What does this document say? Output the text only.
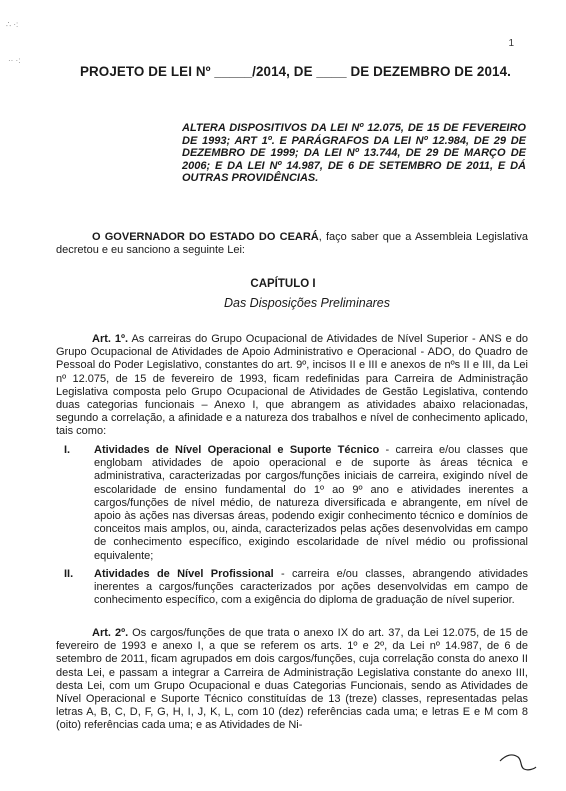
∴ ·:
·· ·:
1
PROJETO DE LEI Nº _____/2014, DE ____ DE DEZEMBRO DE 2014.
ALTERA DISPOSITIVOS DA LEI Nº 12.075, DE 15 DE FEVEREIRO DE 1993; ART 1º. E PARÁGRAFOS DA LEI Nº 12.984, DE 29 DE DEZEMBRO DE 1999; DA LEI Nº 13.744, DE 29 DE MARÇO DE 2006; E DA LEI Nº 14.987, DE 6 DE SETEMBRO DE 2011, E DÁ OUTRAS PROVIDÊNCIAS.
O GOVERNADOR DO ESTADO DO CEARÁ, faço saber que a Assembleia Legislativa decretou e eu sanciono a seguinte Lei:
CAPÍTULO I
Das Disposições Preliminares
Art. 1º. As carreiras do Grupo Ocupacional de Atividades de Nível Superior - ANS e do Grupo Ocupacional de Atividades de Apoio Administrativo e Operacional - ADO, do Quadro de Pessoal do Poder Legislativo, constantes do art. 9º, incisos II e III e anexos de nºs II e III, da Lei nº 12.075, de 15 de fevereiro de 1993, ficam redefinidas para Carreira de Administração Legislativa composta pelo Grupo Ocupacional de Atividades de Gestão Legislativa, contendo duas categorias funcionais – Anexo I, que abrangem as atividades abaixo relacionadas, segundo a correlação, a afinidade e a natureza dos trabalhos e nível de conhecimento aplicado, tais como:
I. Atividades de Nível Operacional e Suporte Técnico - carreira e/ou classes que englobam atividades de apoio operacional e de suporte às áreas técnica e administrativa, caracterizadas por cargos/funções iniciais de carreira, exigindo nível de escolaridade de ensino fundamental do 1º ao 9º ano e atividades inerentes a cargos/funções de nível médio, de natureza diversificada e abrangente, em nível de apoio às ações nas diversas áreas, podendo exigir conhecimento técnico e domínios de conceitos mais amplos, ou, ainda, caracterizados pelas ações desenvolvidas em campo de conhecimento específico, exigindo escolaridade de nível médio ou profissional equivalente;
II. Atividades de Nível Profissional - carreira e/ou classes, abrangendo atividades inerentes a cargos/funções caracterizados por ações desenvolvidas em campo de conhecimento específico, com a exigência do diploma de graduação de nível superior.
Art. 2º. Os cargos/funções de que trata o anexo IX do art. 37, da Lei 12.075, de 15 de fevereiro de 1993 e anexo I, a que se referem os arts. 1º e 2º, da Lei nº 14.987, de 6 de setembro de 2011, ficam agrupados em dois cargos/funções, cuja correlação consta do anexo II desta Lei, e passam a integrar a Carreira de Administração Legislativa constante do anexo III, desta Lei, com um Grupo Ocupacional e duas Categorias Funcionais, sendo as Atividades de Nível Operacional e Suporte Técnico constituídas de 13 (treze) classes, representadas pelas letras A, B, C, D, F, G, H, I, J, K, L, com 10 (dez) referências cada uma; e letras E e M com 8 (oito) referências cada uma; e as Atividades de Ni-
